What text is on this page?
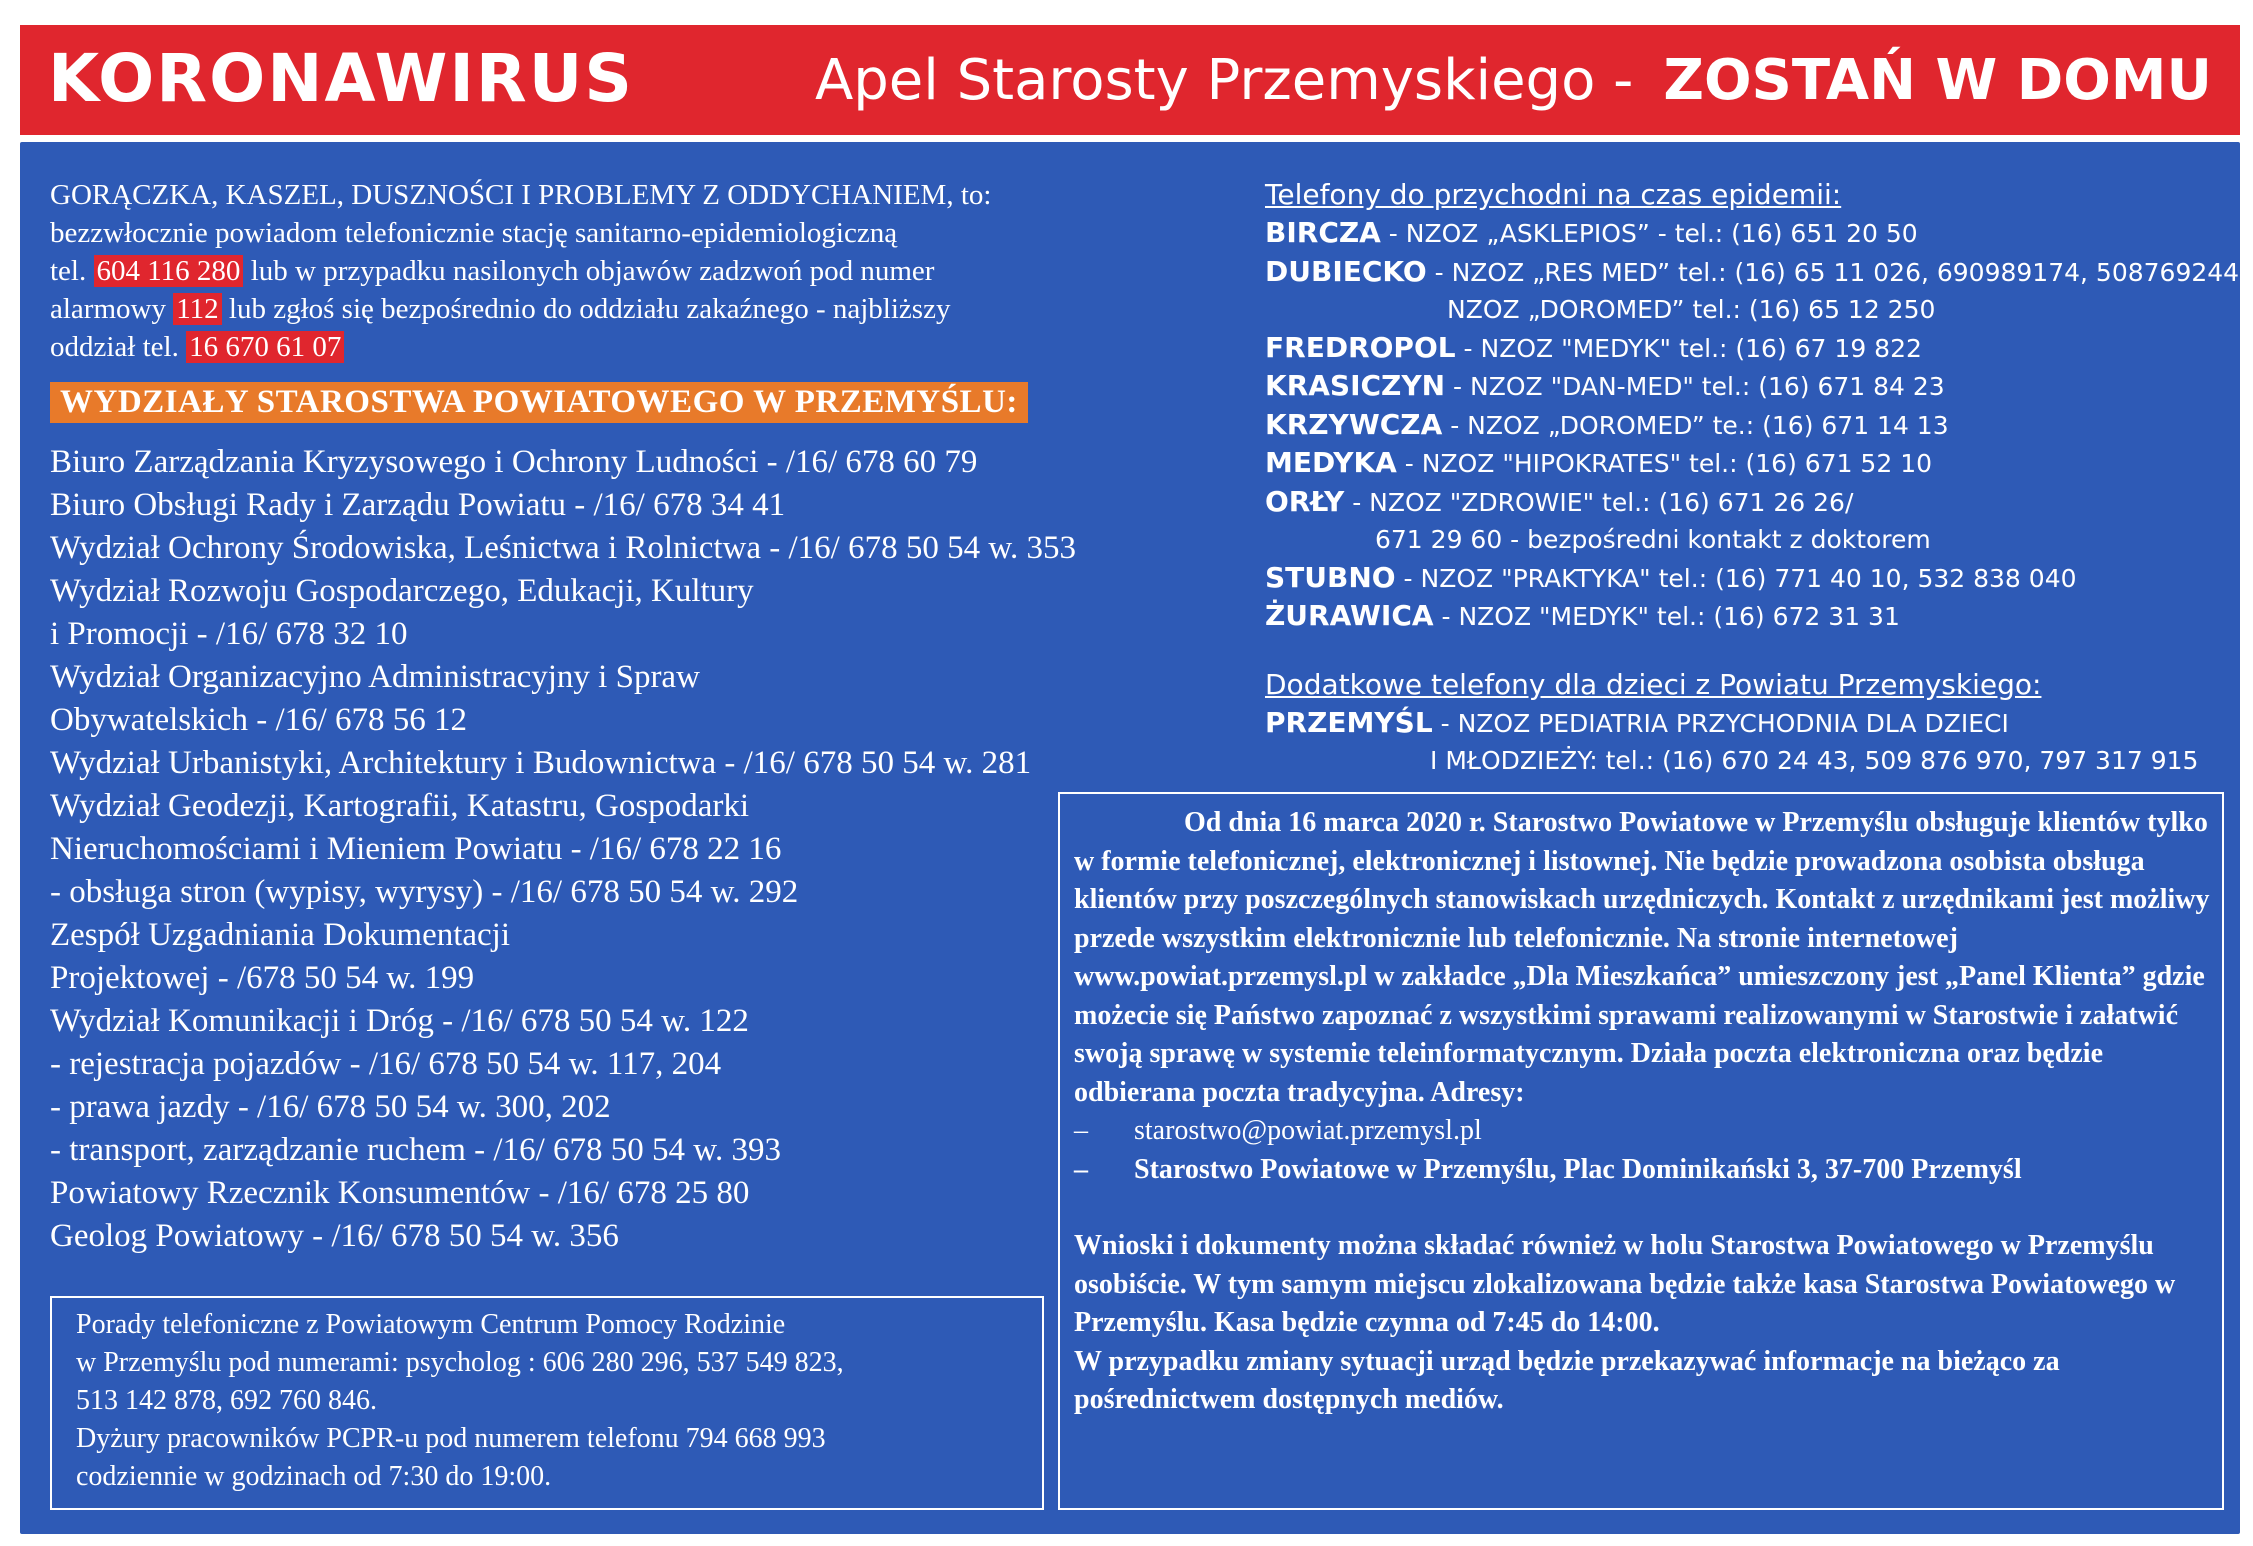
KORONAWIRUS	Apel Starosty Przemyskiego - ZOSTAŃ W DOMU

GORĄCZKA, KASZEL, DUSZNOŚCI I PROBLEMY Z ODDYCHANIEM, to:
bezzwłocznie powiadom telefonicznie stację sanitarno-epidemiologiczną
tel. 604 116 280 lub w przypadku nasilonych objawów zadzwoń pod numer
alarmowy 112 lub zgłoś się bezpośrednio do oddziału zakaźnego - najbliższy
oddział tel. 16 670 61 07

WYDZIAŁY STAROSTWA POWIATOWEGO W PRZEMYŚLU:
Biuro Zarządzania Kryzysowego i Ochrony Ludności - /16/ 678 60 79
Biuro Obsługi Rady i Zarządu Powiatu - /16/ 678 34 41
Wydział Ochrony Środowiska, Leśnictwa i Rolnictwa - /16/ 678 50 54 w. 353
Wydział Rozwoju Gospodarczego, Edukacji, Kultury
i Promocji - /16/ 678 32 10
Wydział Organizacyjno Administracyjny i Spraw
Obywatelskich - /16/ 678 56 12
Wydział Urbanistyki, Architektury i Budownictwa - /16/ 678 50 54 w. 281
Wydział Geodezji, Kartografii, Katastru, Gospodarki
Nieruchomościami i Mieniem Powiatu - /16/ 678 22 16
- obsługa stron (wypisy, wyrysy) - /16/ 678 50 54 w. 292
Zespół Uzgadniania Dokumentacji
Projektowej - /678 50 54 w. 199
Wydział Komunikacji i Dróg - /16/ 678 50 54 w. 122
- rejestracja pojazdów - /16/ 678 50 54 w. 117, 204
- prawa jazdy - /16/ 678 50 54 w. 300, 202
- transport, zarządzanie ruchem - /16/ 678 50 54 w. 393
Powiatowy Rzecznik Konsumentów - /16/ 678 25 80
Geolog Powiatowy - /16/ 678 50 54 w. 356

Porady telefoniczne z Powiatowym Centrum Pomocy Rodzinie
w Przemyślu pod numerami: psycholog : 606 280 296, 537 549 823,
513 142 878, 692 760 846.
Dyżury pracowników PCPR-u pod numerem telefonu 794 668 993
codziennie w godzinach od 7:30 do 19:00.

Telefony do przychodni na czas epidemii:
BIRCZA - NZOZ „ASKLEPIOS” - tel.: (16) 651 20 50
DUBIECKO - NZOZ „RES MED” tel.: (16) 65 11 026, 690989174, 508769244
NZOZ „DOROMED” tel.: (16) 65 12 250
FREDROPOL - NZOZ "MEDYK" tel.: (16) 67 19 822
KRASICZYN - NZOZ "DAN-MED" tel.: (16) 671 84 23
KRZYWCZA - NZOZ „DOROMED” te.: (16) 671 14 13
MEDYKA - NZOZ "HIPOKRATES" tel.: (16) 671 52 10
ORŁY - NZOZ "ZDROWIE" tel.: (16) 671 26 26/
671 29 60 - bezpośredni kontakt z doktorem
STUBNO - NZOZ "PRAKTYKA" tel.: (16) 771 40 10, 532 838 040
ŻURAWICA - NZOZ "MEDYK" tel.: (16) 672 31 31
Dodatkowe telefony dla dzieci z Powiatu Przemyskiego:
PRZEMYŚL - NZOZ PEDIATRIA PRZYCHODNIA DLA DZIECI
I MŁODZIEŻY: tel.: (16) 670 24 43, 509 876 970, 797 317 915
Od dnia 16 marca 2020 r. Starostwo Powiatowe w Przemyślu obsługuje klientów tylko w formie telefonicznej, elektronicznej i listownej. Nie będzie prowadzona osobista obsługa klientów przy poszczególnych stanowiskach urzędniczych. Kontakt z urzędnikami jest możliwy przede wszystkim elektronicznie lub telefonicznie. Na stronie internetowej www.powiat.przemysl.pl w zakładce „Dla Mieszkańca” umieszczony jest „Panel Klienta” gdzie możecie się Państwo zapoznać z wszystkimi sprawami realizowanymi w Starostwie i załatwić swoją sprawę w systemie teleinformatycznym. Działa poczta elektroniczna oraz będzie odbierana poczta tradycyjna. Adresy:
– starostwo@powiat.przemysl.pl
– Starostwo Powiatowe w Przemyślu, Plac Dominikański 3, 37-700 Przemyśl
Wnioski i dokumenty można składać również w holu Starostwa Powiatowego w Przemyślu osobiście. W tym samym miejscu zlokalizowana będzie także kasa Starostwa Powiatowego w Przemyślu. Kasa będzie czynna od 7:45 do 14:00.
W przypadku zmiany sytuacji urząd będzie przekazywać informacje na bieżąco za pośrednictwem dostępnych mediów.
